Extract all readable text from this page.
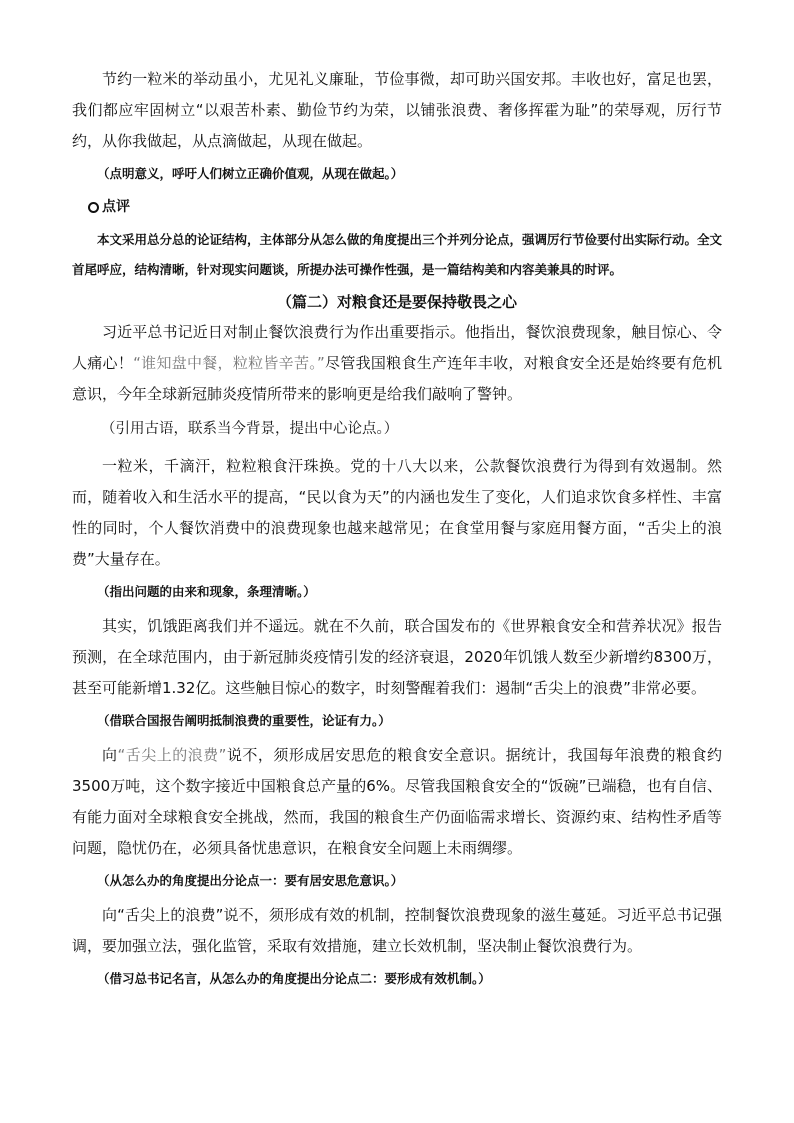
节约一粒米的举动虽小，尤见礼义廉耻，节俭事微，却可助兴国安邦。丰收也好，富足也罢，我们都应牢固树立“以艰苦朴素、勤俭节约为荣，以铺张浪费、奢侈挥霍为耻”的荣辱观，厉行节约，从你我做起，从点滴做起，从现在做起。

（点明意义，呼吁人们树立正确价值观，从现在做起。）

点评

本文采用总分总的论证结构，主体部分从怎么做的角度提出三个并列分论点，强调厉行节俭要付出实际行动。全文首尾呼应，结构清晰，针对现实问题谈，所提办法可操作性强，是一篇结构美和内容美兼具的时评。

（篇二）对粮食还是要保持敬畏之心

习近平总书记近日对制止餐饮浪费行为作出重要指示。他指出，餐饮浪费现象，触目惊心、令人痛心！“谁知盘中餐，粒粒皆辛苦。”尽管我国粮食生产连年丰收，对粮食安全还是始终要有危机意识，今年全球新冠肺炎疫情所带来的影响更是给我们敲响了警钟。

（引用古语，联系当今背景，提出中心论点。）

一粒米，千滴汗，粒粒粮食汗珠换。党的十八大以来，公款餐饮浪费行为得到有效遏制。然而，随着收入和生活水平的提高，“民以食为天”的内涵也发生了变化，人们追求饮食多样性、丰富性的同时，个人餐饮消费中的浪费现象也越来越常见；在食堂用餐与家庭用餐方面，“舌尖上的浪费”大量存在。

（指出问题的由来和现象，条理清晰。）

其实，饥饿距离我们并不遥远。就在不久前，联合国发布的《世界粮食安全和营养状况》报告预测，在全球范围内，由于新冠肺炎疫情引发的经济衰退，2020年饥饿人数至少新增约8300万，甚至可能新增1.32亿。这些触目惊心的数字，时刻警醒着我们：遏制“舌尖上的浪费”非常必要。

（借联合国报告阐明抵制浪费的重要性，论证有力。）

向“舌尖上的浪费”说不，须形成居安思危的粮食安全意识。据统计，我国每年浪费的粮食约3500万吨，这个数字接近中国粮食总产量的6%。尽管我国粮食安全的“饭碗”已端稳，也有自信、有能力面对全球粮食安全挑战，然而，我国的粮食生产仍面临需求增长、资源约束、结构性矛盾等问题，隐忧仍在，必须具备忧患意识，在粮食安全问题上未雨绸缪。

（从怎么办的角度提出分论点一：要有居安思危意识。）

向“舌尖上的浪费”说不，须形成有效的机制，控制餐饮浪费现象的滋生蔓延。习近平总书记强调，要加强立法，强化监管，采取有效措施，建立长效机制，坚决制止餐饮浪费行为。

（借习总书记名言，从怎么办的角度提出分论点二：要形成有效机制。）
